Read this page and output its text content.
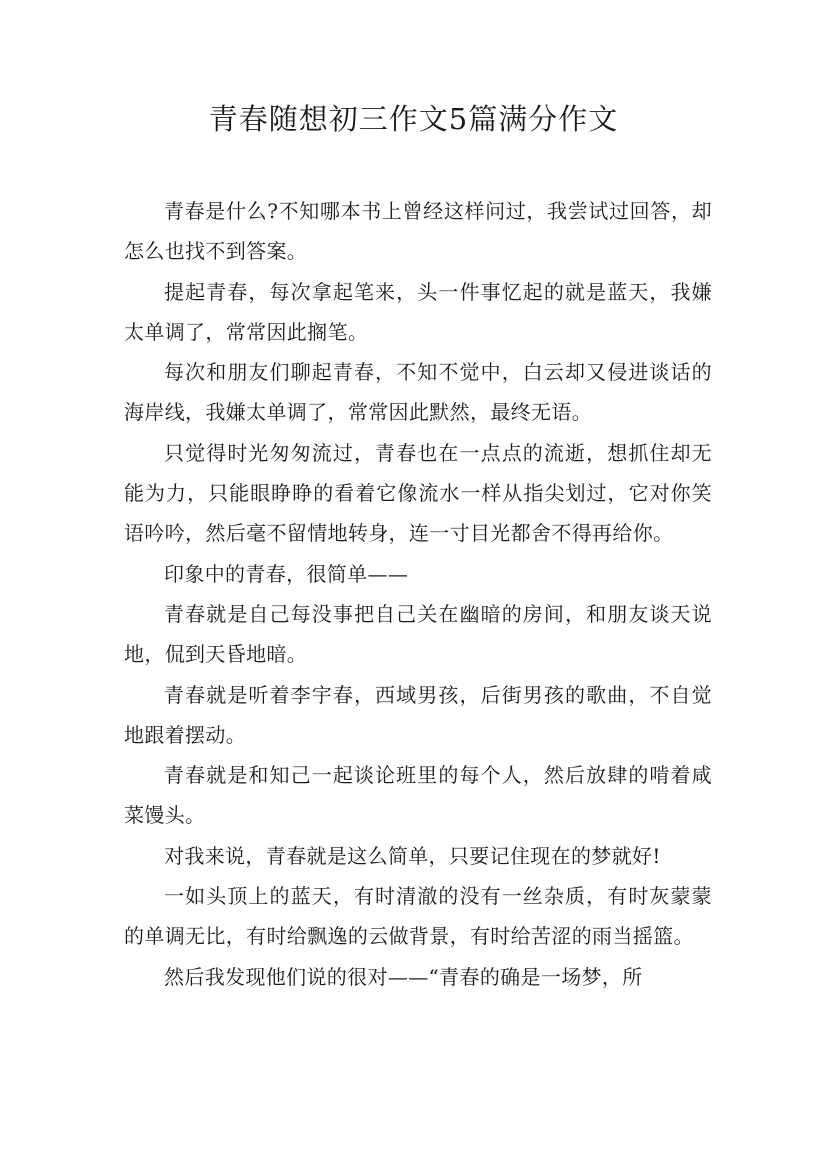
青春随想初三作文5篇满分作文

青春是什么?不知哪本书上曾经这样问过，我尝试过回答，却怎么也找不到答案。

提起青春，每次拿起笔来，头一件事忆起的就是蓝天，我嫌太单调了，常常因此搁笔。

每次和朋友们聊起青春，不知不觉中，白云却又侵进谈话的海岸线，我嫌太单调了，常常因此默然，最终无语。

只觉得时光匆匆流过，青春也在一点点的流逝，想抓住却无能为力，只能眼睁睁的看着它像流水一样从指尖划过，它对你笑语吟吟，然后毫不留情地转身，连一寸目光都舍不得再给你。

印象中的青春，很简单——

青春就是自己每没事把自己关在幽暗的房间，和朋友谈天说地，侃到天昏地暗。

青春就是听着李宇春，西域男孩，后街男孩的歌曲，不自觉地跟着摆动。

青春就是和知己一起谈论班里的每个人，然后放肆的啃着咸菜馒头。

对我来说，青春就是这么简单，只要记住现在的梦就好!

一如头顶上的蓝天，有时清澈的没有一丝杂质，有时灰蒙蒙的单调无比，有时给飘逸的云做背景，有时给苦涩的雨当摇篮。

然后我发现他们说的很对——“青春的确是一场梦，所
